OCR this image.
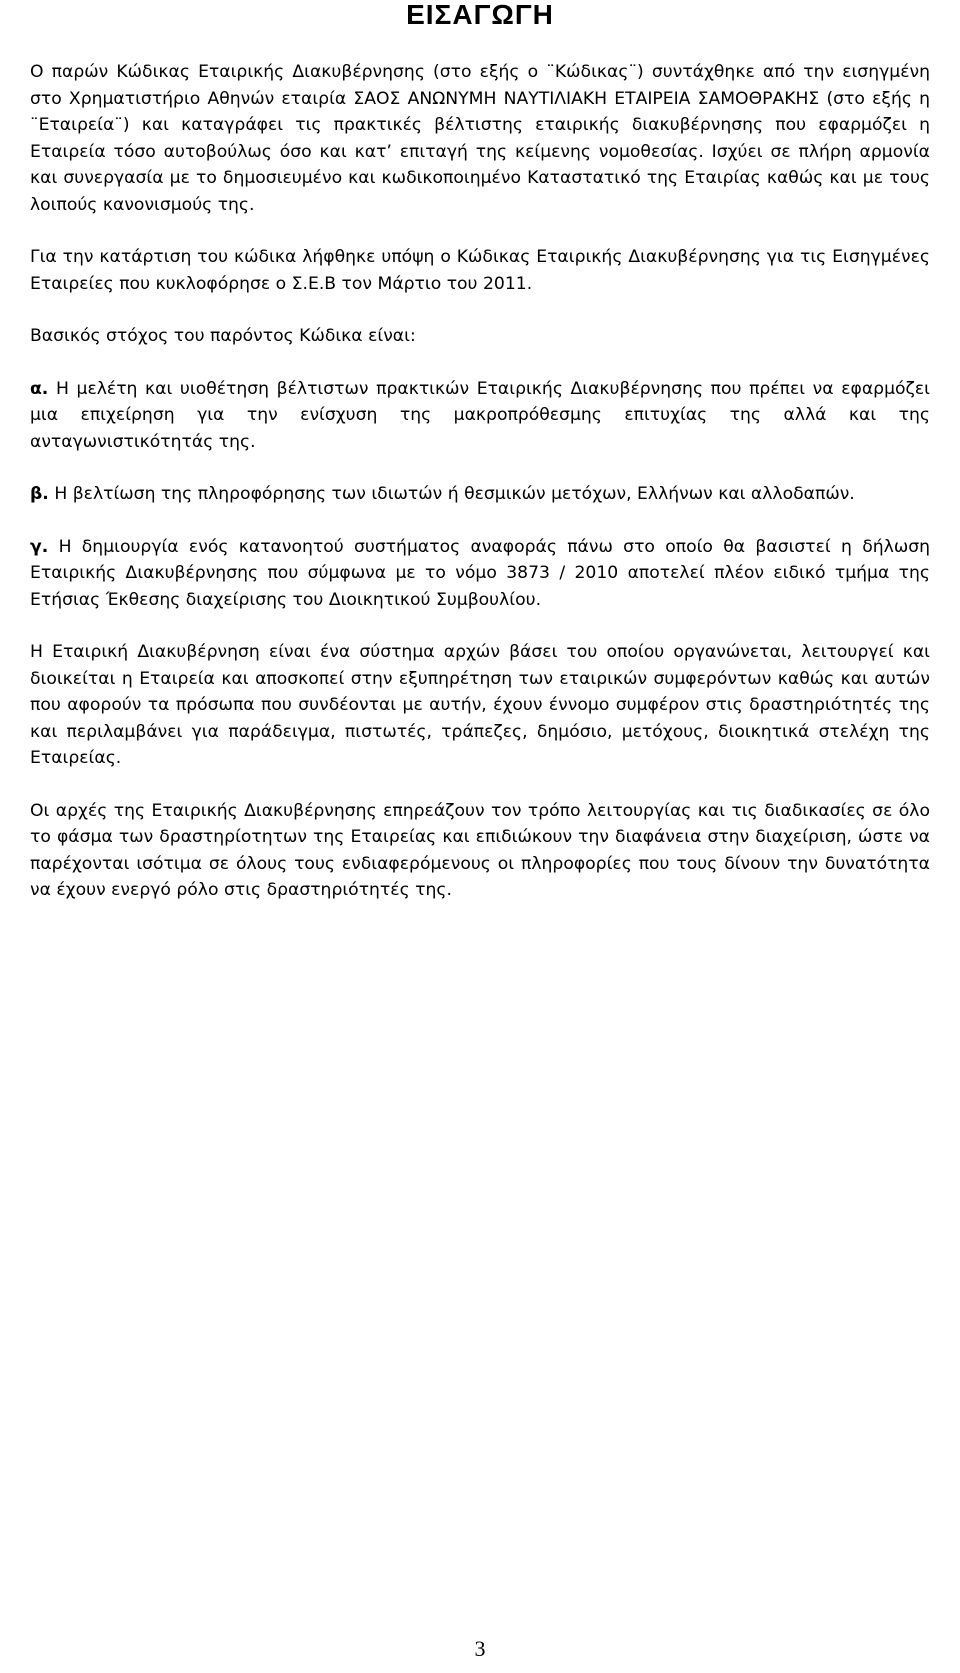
ΕΙΣΑΓΩΓΗ

Ο παρών Κώδικας Εταιρικής Διακυβέρνησης (στο εξής ο ¨Κώδικας¨) συντάχθηκε από την εισηγμένη στο Χρηματιστήριο Αθηνών εταιρία ΣΑΟΣ ΑΝΩΝΥΜΗ ΝΑΥΤΙΛΙΑΚΗ ΕΤΑΙΡΕΙΑ ΣΑΜΟΘΡΑΚΗΣ (στο εξής η ¨Εταιρεία¨) και καταγράφει τις πρακτικές βέλτιστης εταιρικής διακυβέρνησης που εφαρμόζει η Εταιρεία τόσο αυτοβούλως όσο και κατ’ επιταγή της κείμενης νομοθεσίας. Ισχύει σε πλήρη αρμονία και συνεργασία με το δημοσιευμένο και κωδικοποιημένο Καταστατικό της Εταιρίας καθώς και με τους λοιπούς κανονισμούς της.

Για την κατάρτιση του κώδικα λήφθηκε υπόψη ο Κώδικας Εταιρικής Διακυβέρνησης για τις Εισηγμένες Εταιρείες που κυκλοφόρησε ο Σ.Ε.Β τον Μάρτιο του 2011.

Βασικός στόχος του παρόντος Κώδικα είναι:

α. Η μελέτη και υιοθέτηση βέλτιστων πρακτικών Εταιρικής Διακυβέρνησης που πρέπει να εφαρμόζει μια επιχείρηση για την ενίσχυση της μακροπρόθεσμης επιτυχίας της αλλά και της ανταγωνιστικότητάς της.

β. Η βελτίωση της πληροφόρησης των ιδιωτών ή θεσμικών μετόχων, Ελλήνων και αλλοδαπών.

γ. Η δημιουργία ενός κατανοητού συστήματος αναφοράς πάνω στο οποίο θα βασιστεί η δήλωση Εταιρικής Διακυβέρνησης που σύμφωνα με το νόμο 3873 / 2010 αποτελεί πλέον ειδικό τμήμα της Ετήσιας Έκθεσης διαχείρισης του Διοικητικού Συμβουλίου.

Η Εταιρική Διακυβέρνηση είναι ένα σύστημα αρχών βάσει του οποίου οργανώνεται, λειτουργεί και διοικείται η Εταιρεία και αποσκοπεί στην εξυπηρέτηση των εταιρικών συμφερόντων καθώς και αυτών που αφορούν τα πρόσωπα που συνδέονται με αυτήν, έχουν έννομο συμφέρον στις δραστηριότητές της και περιλαμβάνει για παράδειγμα, πιστωτές, τράπεζες, δημόσιο, μετόχους, διοικητικά στελέχη της Εταιρείας.

Οι αρχές της Εταιρικής Διακυβέρνησης επηρεάζουν τον τρόπο λειτουργίας και τις διαδικασίες σε όλο το φάσμα των δραστηρίοτητων της Εταιρείας και επιδιώκουν την διαφάνεια στην διαχείριση, ώστε να παρέχονται ισότιμα σε όλους τους ενδιαφερόμενους οι πληροφορίες που τους δίνουν την δυνατότητα να έχουν ενεργό ρόλο στις δραστηριότητές της.

3
